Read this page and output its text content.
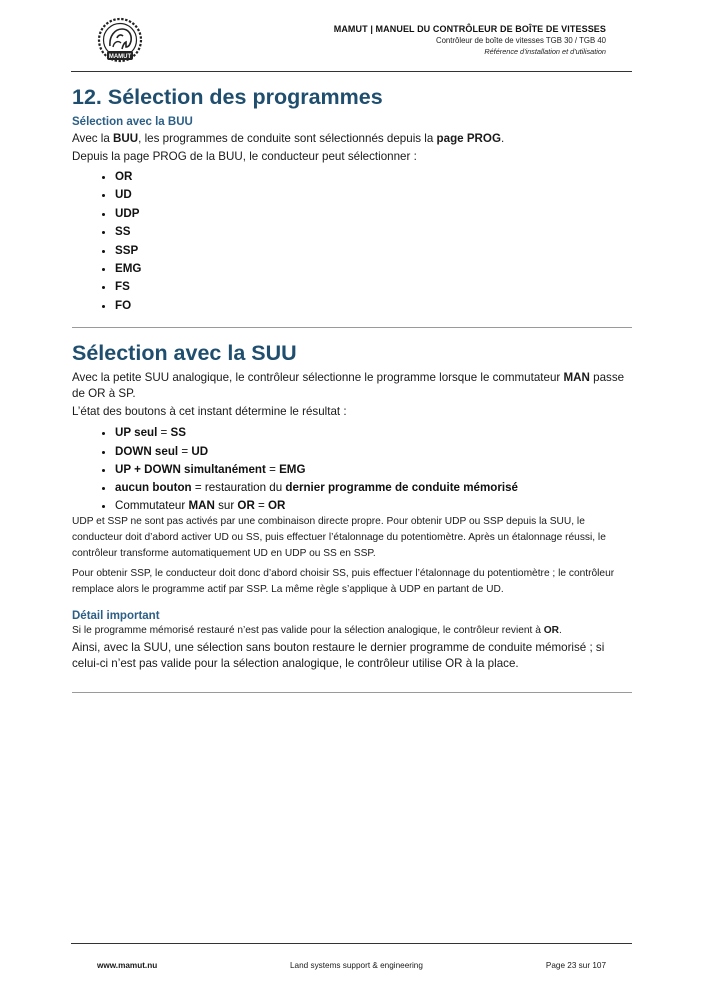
MAMUT
MAMUT | MANUEL DU CONTRÔLEUR DE BOÎTE DE VITESSES
Contrôleur de boîte de vitesses TGB 30 / TGB 40
Référence d'installation et d'utilisation
12. Sélection des programmes
Sélection avec la BUU

Avec la BUU, les programmes de conduite sont sélectionnés depuis la page PROG.

Depuis la page PROG de la BUU, le conducteur peut sélectionner :

• OR
• UD
• UDP
• SS
• SSP
• EMG
• FS
• FO
Sélection avec la SUU

Avec la petite SUU analogique, le contrôleur sélectionne le programme lorsque le commutateur MAN passe de OR à SP.

L’état des boutons à cet instant détermine le résultat :

• UP seul = SS
• DOWN seul = UD
• UP + DOWN simultanément = EMG
• aucun bouton = restauration du dernier programme de conduite mémorisé
• Commutateur MAN sur OR = OR

UDP et SSP ne sont pas activés par une combinaison directe propre. Pour obtenir UDP ou SSP depuis la SUU, le conducteur doit d’abord activer UD ou SS, puis effectuer l’étalonnage du potentiomètre. Après un étalonnage réussi, le contrôleur transforme automatiquement UD en UDP ou SS en SSP.

Pour obtenir SSP, le conducteur doit donc d’abord choisir SS, puis effectuer l’étalonnage du potentiomètre ; le contrôleur remplace alors le programme actif par SSP. La même règle s’applique à UDP en partant de UD.

Détail important

Si le programme mémorisé restauré n’est pas valide pour la sélection analogique, le contrôleur revient à OR.

Ainsi, avec la SUU, une sélection sans bouton restaure le dernier programme de conduite mémorisé ; si celui-ci n’est pas valide pour la sélection analogique, le contrôleur utilise OR à la place.

www.mamut.nu	Land systems support & engineering	Page 23 sur 107
